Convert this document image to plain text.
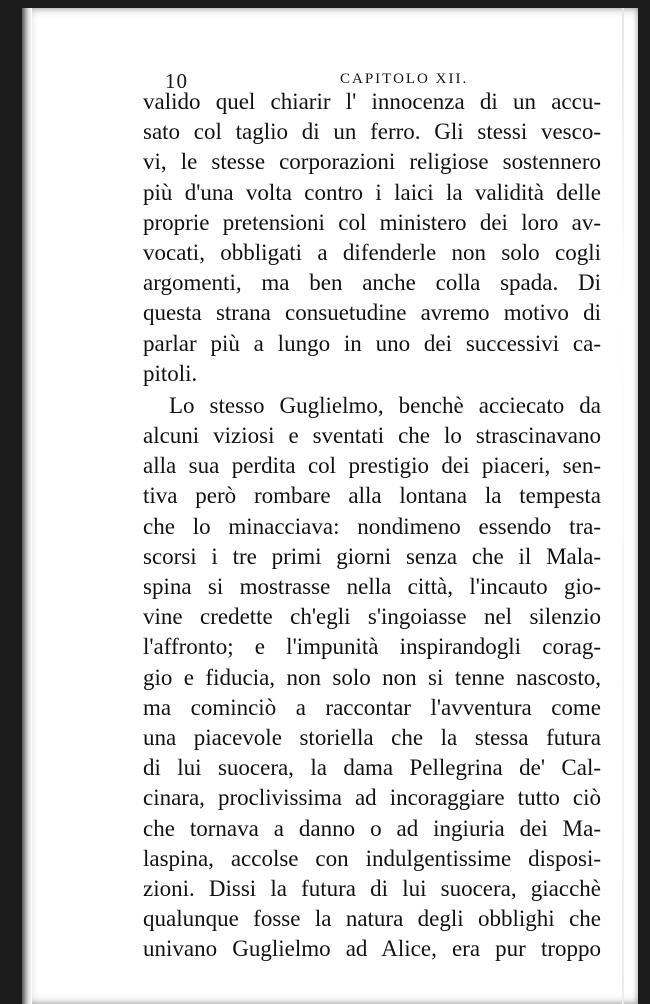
10	CAPITOLO XII.
valido quel chiarir l' innocenza di un accu-
sato col taglio di un ferro. Gli stessi vesco-
vi, le stesse corporazioni religiose sostennero
più d'una volta contro i laici la validità delle
proprie pretensioni col ministero dei loro av-
vocati, obbligati a difenderle non solo cogli
argomenti, ma ben anche colla spada. Di
questa strana consuetudine avremo motivo di
parlar più a lungo in uno dei successivi ca-
pitoli.
Lo stesso Guglielmo, benchè acciecato da
alcuni viziosi e sventati che lo strascinavano
alla sua perdita col prestigio dei piaceri, sen-
tiva però rombare alla lontana la tempesta
che lo minacciava: nondimeno essendo tra-
scorsi i tre primi giorni senza che il Mala-
spina si mostrasse nella città, l'incauto gio-
vine credette ch'egli s'ingoiasse nel silenzio
l'affronto; e l'impunità inspirandogli corag-
gio e fiducia, non solo non si tenne nascosto,
ma cominciò a raccontar l'avventura come
una piacevole storiella che la stessa futura
di lui suocera, la dama Pellegrina de' Cal-
cinara, proclivissima ad incoraggiare tutto ciò
che tornava a danno o ad ingiuria dei Ma-
laspina, accolse con indulgentissime disposi-
zioni. Dissi la futura di lui suocera, giacchè
qualunque fosse la natura degli obblighi che
univano Guglielmo ad Alice, era pur troppo
